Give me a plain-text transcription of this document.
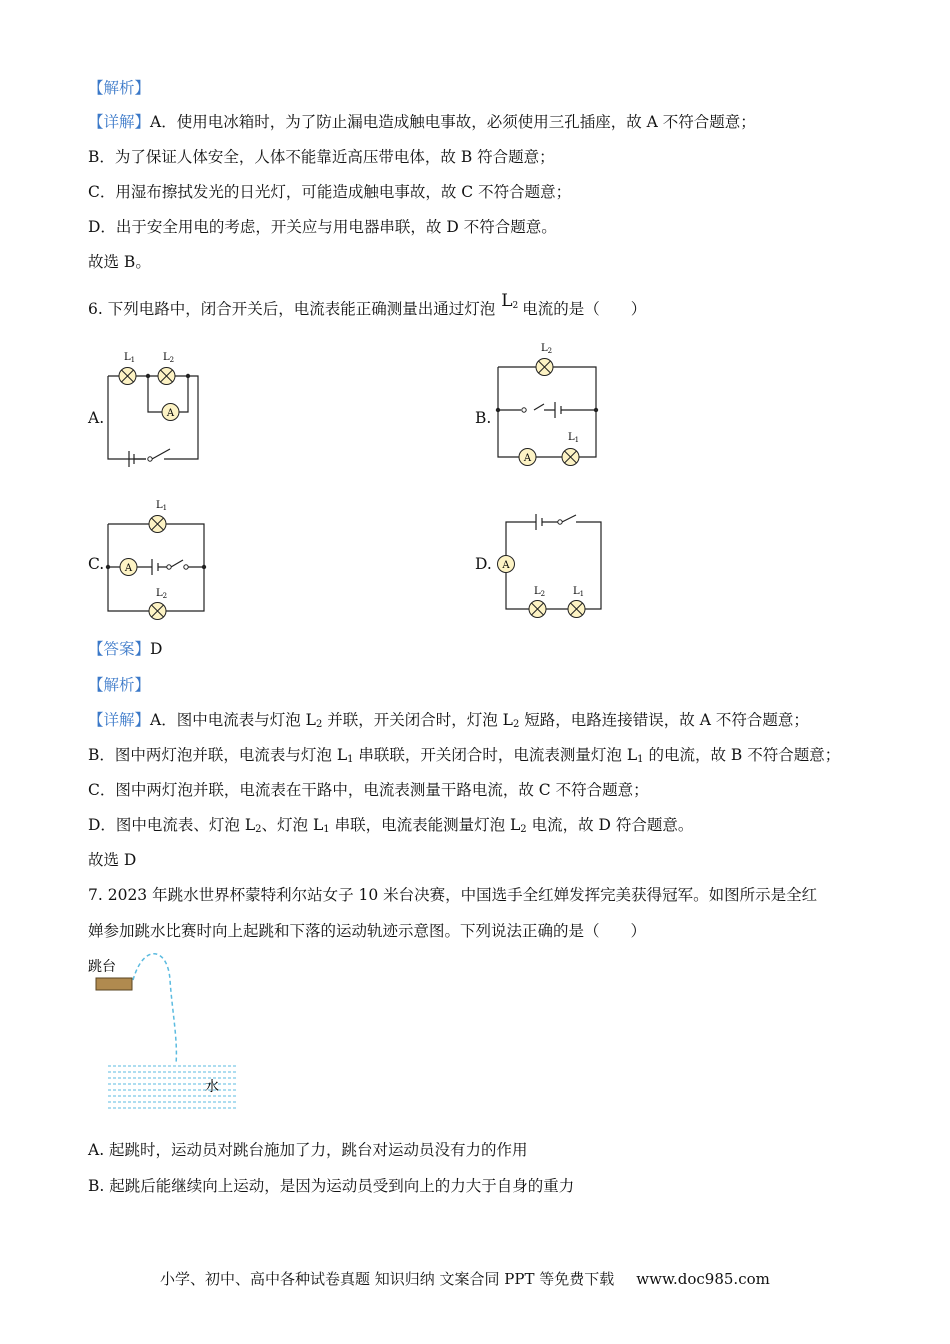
【解析】
【详解】A．使用电冰箱时，为了防止漏电造成触电事故，必须使用三孔插座，故 A 不符合题意；
B．为了保证人体安全，人体不能靠近高压带电体，故 B 符合题意；
C．用湿布擦拭发光的日光灯，可能造成触电事故，故 C 不符合题意；
D．出于安全用电的考虑，开关应与用电器串联，故 D 不符合题意。
故选 B。
6. 下列电路中，闭合开关后，电流表能正确测量出通过灯泡 $L_2$ 电流的是（　　）
A.	A
$L_1$	$L_2$
B.
A
$L_2$
$L_1$
C. A
$L_1$
$L_2$
D. A
$L_2$	$L_1$
【答案】D
【解析】
【详解】A．图中电流表与灯泡 $L_2$ 并联，开关闭合时，灯泡 $L_2$ 短路，电路连接错误，故 A 不符合题意；
B．图中两灯泡并联，电流表与灯泡 $L_1$ 串联联，开关闭合时，电流表测量灯泡 $L_1$ 的电流，故 B 不符合题意；
C．图中两灯泡并联，电流表在干路中，电流表测量干路电流，故 C 不符合题意；
D．图中电流表、灯泡 $L_2$、灯泡 $L_1$ 串联，电流表能测量灯泡 $L_2$ 电流，故 D 符合题意。
故选 D
7. 2023 年跳水世界杯蒙特利尔站女子 10 米台决赛，中国选手全红婵发挥完美获得冠军。如图所示是全红
婵参加跳水比赛时向上起跳和下落的运动轨迹示意图。下列说法正确的是（　　）
跳台
水
A. 起跳时，运动员对跳台施加了力，跳台对运动员没有力的作用
B. 起跳后能继续向上运动，是因为运动员受到向上的力大于自身的重力
小学、初中、高中各种试卷真题 知识归纳 文案合同 PPT 等免费下载 www.doc985.com
